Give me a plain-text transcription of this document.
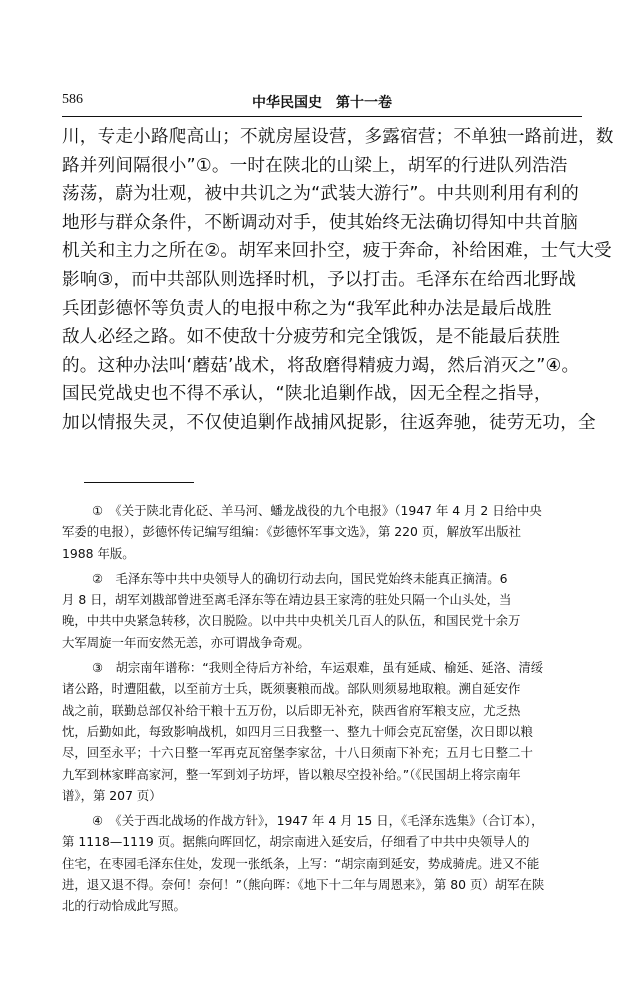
586	中华民国史　第十一卷
川，专走小路爬高山；不就房屋设营，多露宿营；不单独一路前进，数
路并列间隔很小”①。一时在陕北的山梁上，胡军的行进队列浩浩
荡荡，蔚为壮观，被中共讥之为“武装大游行”。中共则利用有利的
地形与群众条件，不断调动对手，使其始终无法确切得知中共首脑
机关和主力之所在②。胡军来回扑空，疲于奔命，补给困难，士气大受
影响③，而中共部队则选择时机，予以打击。毛泽东在给西北野战
兵团彭德怀等负责人的电报中称之为“我军此种办法是最后战胜
敌人必经之路。如不使敌十分疲劳和完全饿饭，是不能最后获胜
的。这种办法叫‘蘑菇’战术，将敌磨得精疲力竭，然后消灭之”④。
国民党战史也不得不承认，“陕北追剿作战，因无全程之指导，
加以情报失灵，不仅使追剿作战捕风捉影，往返奔驰，徒劳无功，全
①　《关于陕北青化砭、羊马河、蟠龙战役的九个电报》（1947 年 4 月 2 日给中央
军委的电报），彭德怀传记编写组编：《彭德怀军事文选》，第 220 页，解放军出版社
1988 年版。
②　毛泽东等中共中央领导人的确切行动去向，国民党始终未能真正摘清。6
月 8 日，胡军刘戡部曾进至离毛泽东等在靖边县王家湾的驻处只隔一个山头处，当
晚，中共中央紧急转移，次日脱险。以中共中央机关几百人的队伍，和国民党十余万
大军周旋一年而安然无恙，亦可谓战争奇观。
③　胡宗南年谱称：“我则全待后方补给，车运艰难，虽有延咸、榆延、延洛、清绥
诸公路，时遭阻截，以至前方士兵，既须裹粮而战。部队则须易地取粮。溯自延安作
战之前，联勤总部仅补给干粮十五万份，以后即无补充，陕西省府军粮支应，尤乏热
忱，后勤如此，每致影响战机，如四月三日我整一、整九十师会克瓦窑堡，次日即以粮
尽，回至永平；十六日整一军再克瓦窑堡李家岔，十八日须南下补充；五月七日整二十
九军到林家畔高家河，整一军到刘子坊坪，皆以粮尽空投补给。”（《民国胡上将宗南年
谱》，第 207 页）
④　《关于西北战场的作战方针》，1947 年 4 月 15 日，《毛泽东选集》（合订本），
第 1118—1119 页。据熊向晖回忆，胡宗南进入延安后，仔细看了中共中央领导人的
住宅，在枣园毛泽东住处，发现一张纸条，上写：“胡宗南到延安，势成骑虎。进又不能
进，退又退不得。奈何！奈何！”（熊向晖：《地下十二年与周恩来》，第 80 页）胡军在陕
北的行动恰成此写照。
